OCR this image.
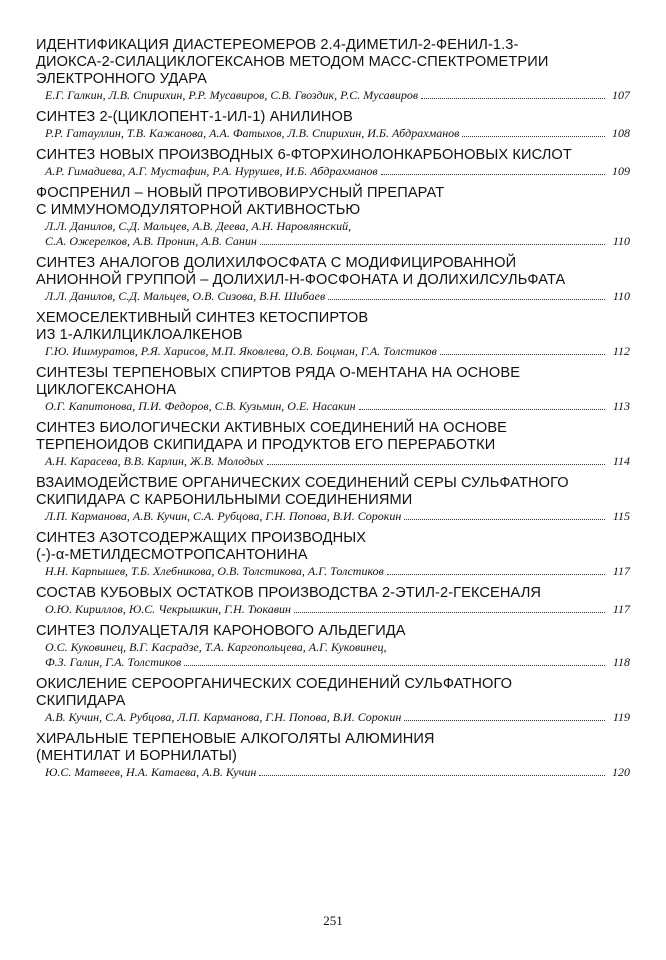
ИДЕНТИФИКАЦИЯ ДИАСТЕРЕОМЕРОВ 2.4-ДИМЕТИЛ-2-ФЕНИЛ-1.3-
ДИОКСА-2-СИЛАЦИКЛОГЕКСАНОВ МЕТОДОМ МАСС-СПЕКТРОМЕТРИИ
ЭЛЕКТРОННОГО УДАРА
Е.Г. Галкин, Л.В. Спирихин, Р.Р. Мусавиров, С.В. Гвоздик, Р.С. Мусавиров	107
СИНТЕЗ 2-(ЦИКЛОПЕНТ-1-ИЛ-1) АНИЛИНОВ
Р.Р. Гатауллин, Т.В. Кажанова, А.А. Фатыхов, Л.В. Спирихин, И.Б. Абдрахманов	108
СИНТЕЗ НОВЫХ ПРОИЗВОДНЫХ 6-ФТОРХИНОЛОНКАРБОНОВЫХ КИСЛОТ
А.Р. Гимадиева, А.Г. Мустафин, Р.А. Нурушев, И.Б. Абдрахманов	109
ФОСПРЕНИЛ – НОВЫЙ ПРОТИВОВИРУСНЫЙ ПРЕПАРАТ
С ИММУНОМОДУЛЯТОРНОЙ АКТИВНОСТЬЮ
Л.Л. Данилов, С.Д. Мальцев, А.В. Деева, А.Н. Наровлянский,
С.А. Ожерелков, А.В. Пронин, А.В. Санин	110
СИНТЕЗ АНАЛОГОВ ДОЛИХИЛФОСФАТА С МОДИФИЦИРОВАННОЙ
АНИОННОЙ ГРУППОЙ – ДОЛИХИЛ-Н-ФОСФОНАТА И ДОЛИХИЛСУЛЬФАТА
Л.Л. Данилов, С.Д. Мальцев, О.В. Сизова, В.Н. Шибаев	110
ХЕМОСЕЛЕКТИВНЫЙ СИНТЕЗ КЕТОСПИРТОВ
ИЗ 1-АЛКИЛЦИКЛОАЛКЕНОВ
Г.Ю. Ишмуратов, Р.Я. Харисов, М.П. Яковлева, О.В. Боцман, Г.А. Толстиков	112
СИНТЕЗЫ ТЕРПЕНОВЫХ СПИРТОВ РЯДА О-МЕНТАНА НА ОСНОВЕ
ЦИКЛОГЕКСАНОНА
О.Г. Капитонова, П.И. Федоров, С.В. Кузьмин, О.Е. Насакин	113
СИНТЕЗ БИОЛОГИЧЕСКИ АКТИВНЫХ СОЕДИНЕНИЙ НА ОСНОВЕ
ТЕРПЕНОИДОВ СКИПИДАРА И ПРОДУКТОВ ЕГО ПЕРЕРАБОТКИ
А.Н. Карасева, В.В. Карлин, Ж.В. Молодых	114
ВЗАИМОДЕЙСТВИЕ ОРГАНИЧЕСКИХ СОЕДИНЕНИЙ СЕРЫ СУЛЬФАТНОГО
СКИПИДАРА С КАРБОНИЛЬНЫМИ СОЕДИНЕНИЯМИ
Л.П. Карманова, А.В. Кучин, С.А. Рубцова, Г.Н. Попова, В.И. Сорокин	115
СИНТЕЗ АЗОТСОДЕРЖАЩИХ ПРОИЗВОДНЫХ
(-)-α-МЕТИЛДЕСМОТРОПСАНТОНИНА
Н.Н. Карпышев, Т.Б. Хлебникова, О.В. Толстикова, А.Г. Толстиков	117
СОСТАВ КУБОВЫХ ОСТАТКОВ ПРОИЗВОДСТВА 2-ЭТИЛ-2-ГЕКСЕНАЛЯ
О.Ю. Кириллов, Ю.С. Чекрышкин, Г.Н. Тюкавин	117
СИНТЕЗ ПОЛУАЦЕТАЛЯ КАРОНОВОГО АЛЬДЕГИДА
О.С. Куковинец, В.Г. Касрадзе, Т.А. Каргопольцева, А.Г. Куковинец,
Ф.З. Галин, Г.А. Толстиков	118
ОКИСЛЕНИЕ СЕРООРГАНИЧЕСКИХ СОЕДИНЕНИЙ СУЛЬФАТНОГО
СКИПИДАРА
А.В. Кучин, С.А. Рубцова, Л.П. Карманова, Г.Н. Попова, В.И. Сорокин	119
ХИРАЛЬНЫЕ ТЕРПЕНОВЫЕ АЛКОГОЛЯТЫ АЛЮМИНИЯ
(МЕНТИЛАТ И БОРНИЛАТЫ)
Ю.С. Матвеев, Н.А. Катаева, А.В. Кучин	120
251
